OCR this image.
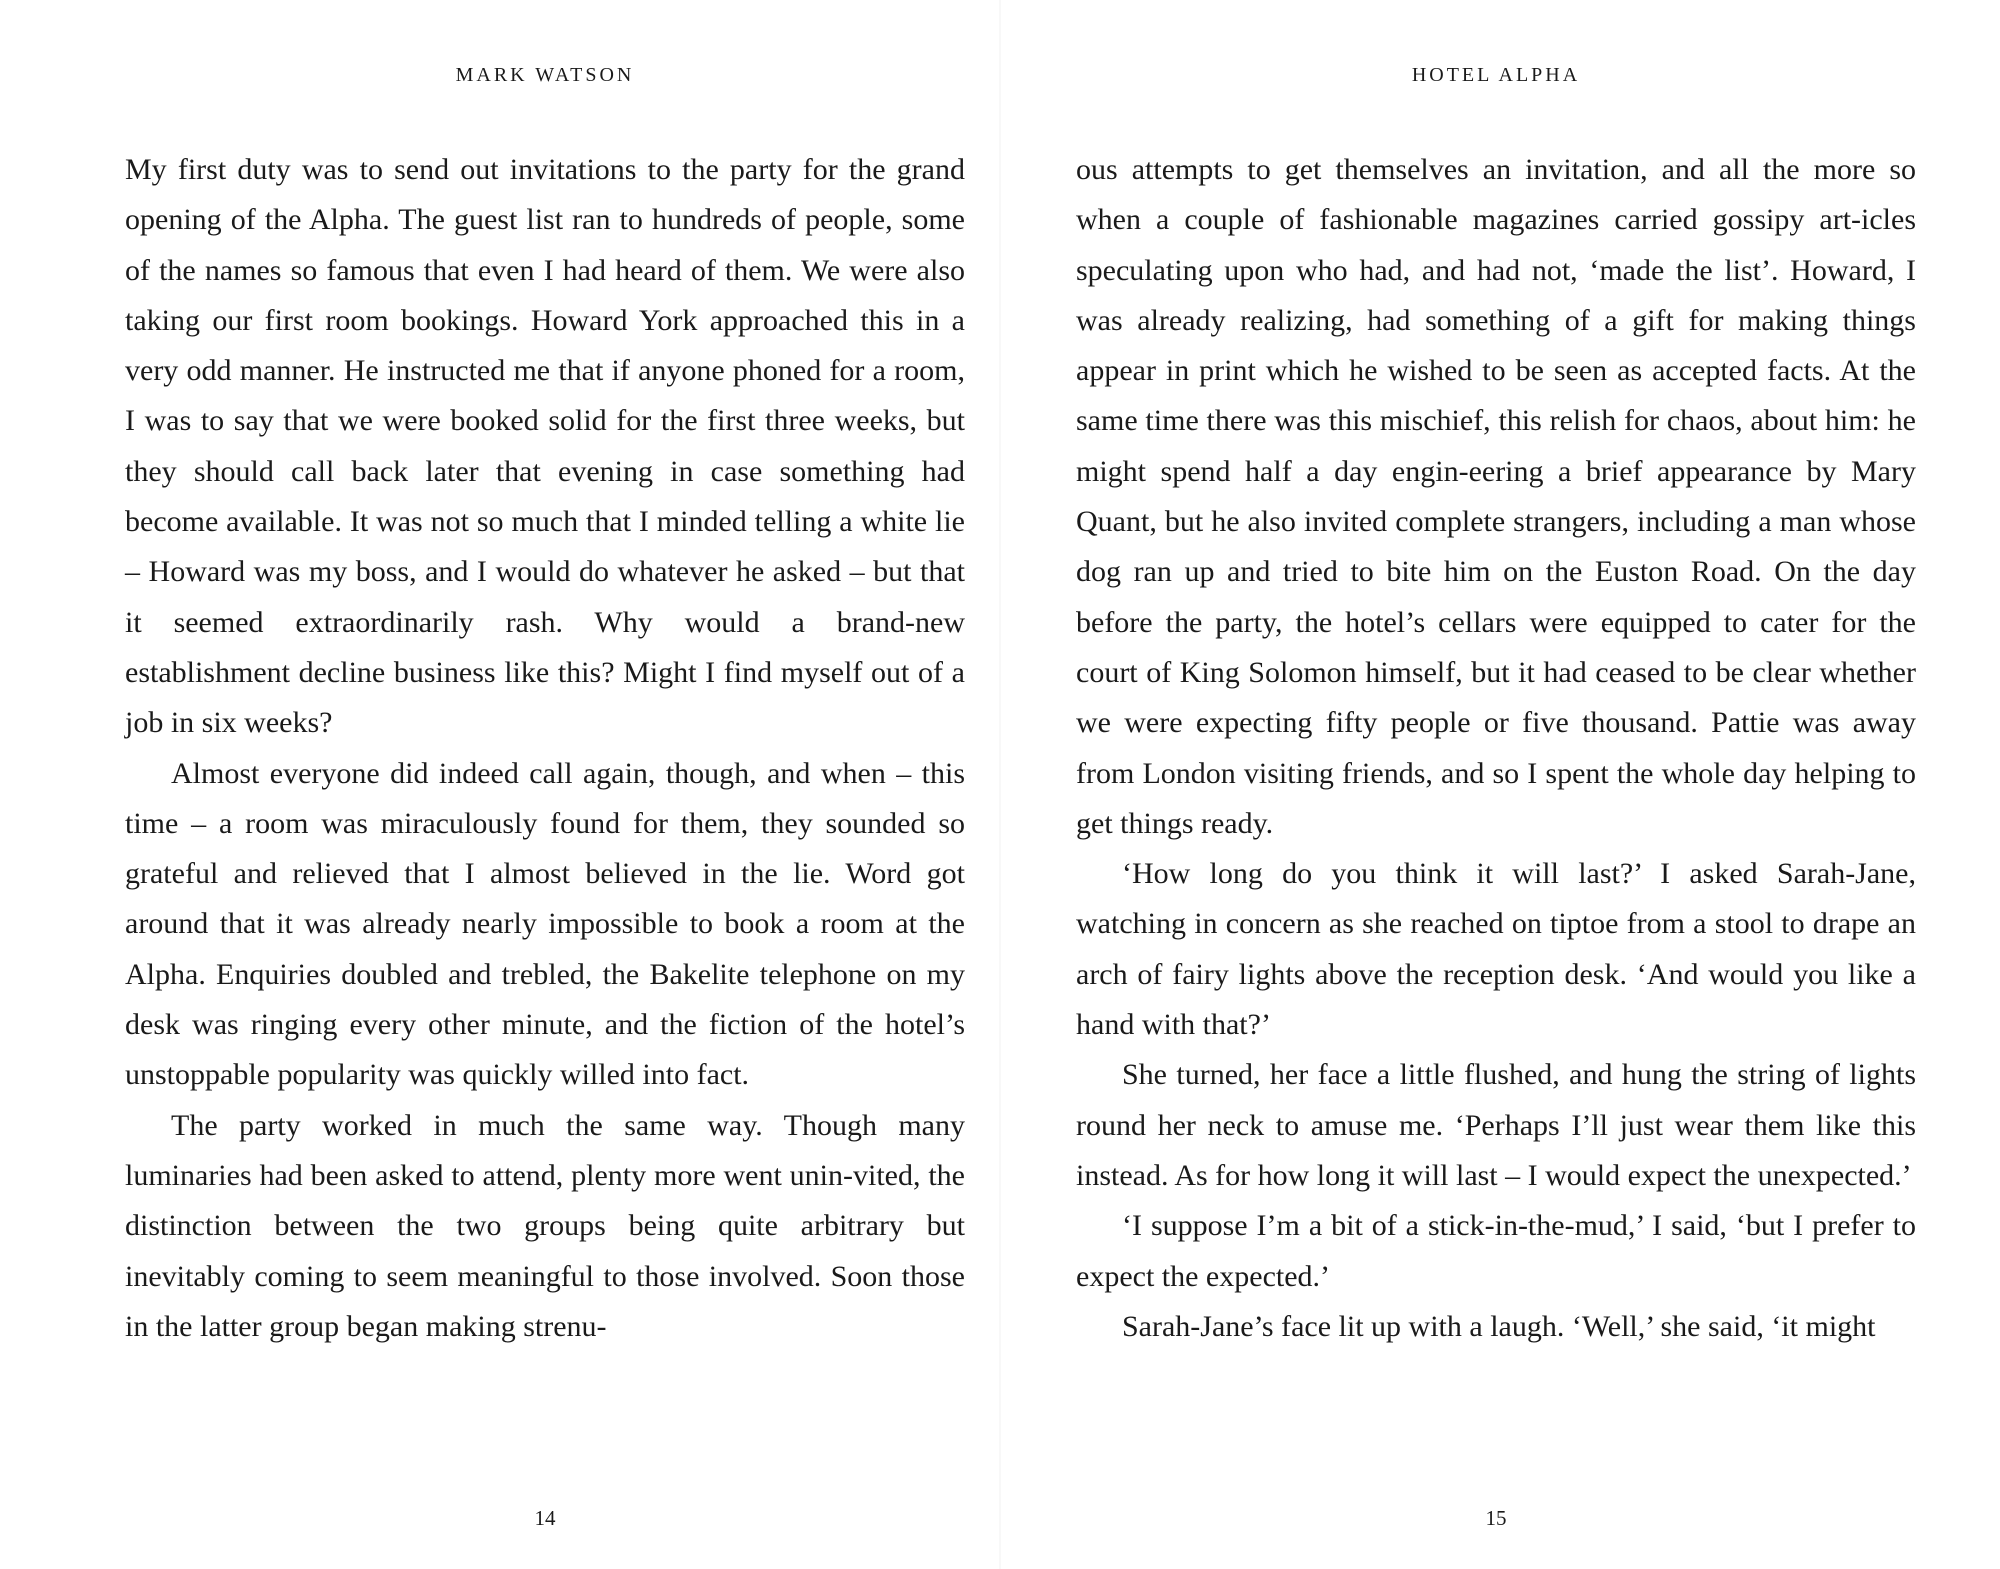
MARK WATSON

My first duty was to send out invitations to the party for the grand opening of the Alpha. The guest list ran to hundreds of people, some of the names so famous that even I had heard of them. We were also taking our first room bookings. Howard York approached this in a very odd manner. He instructed me that if anyone phoned for a room, I was to say that we were booked solid for the first three weeks, but they should call back later that evening in case something had become available. It was not so much that I minded telling a white lie – Howard was my boss, and I would do whatever he asked – but that it seemed extraordinarily rash. Why would a brand-new establishment decline business like this? Might I find myself out of a job in six weeks?

Almost everyone did indeed call again, though, and when – this time – a room was miraculously found for them, they sounded so grateful and relieved that I almost believed in the lie. Word got around that it was already nearly impossible to book a room at the Alpha. Enquiries doubled and trebled, the Bakelite telephone on my desk was ringing every other minute, and the fiction of the hotel’s unstoppable popularity was quickly willed into fact.

The party worked in much the same way. Though many luminaries had been asked to attend, plenty more went unin-vited, the distinction between the two groups being quite arbitrary but inevitably coming to seem meaningful to those involved. Soon those in the latter group began making strenu-

14
HOTEL ALPHA

ous attempts to get themselves an invitation, and all the more so when a couple of fashionable magazines carried gossipy art-icles speculating upon who had, and had not, ‘made the list’. Howard, I was already realizing, had something of a gift for making things appear in print which he wished to be seen as accepted facts. At the same time there was this mischief, this relish for chaos, about him: he might spend half a day engin-eering a brief appearance by Mary Quant, but he also invited complete strangers, including a man whose dog ran up and tried to bite him on the Euston Road. On the day before the party, the hotel’s cellars were equipped to cater for the court of King Solomon himself, but it had ceased to be clear whether we were expecting fifty people or five thousand. Pattie was away from London visiting friends, and so I spent the whole day helping to get things ready.

‘How long do you think it will last?’ I asked Sarah-Jane, watching in concern as she reached on tiptoe from a stool to drape an arch of fairy lights above the reception desk. ‘And would you like a hand with that?’

She turned, her face a little flushed, and hung the string of lights round her neck to amuse me. ‘Perhaps I’ll just wear them like this instead. As for how long it will last – I would expect the unexpected.’

‘I suppose I’m a bit of a stick-in-the-mud,’ I said, ‘but I prefer to expect the expected.’

Sarah-Jane’s face lit up with a laugh. ‘Well,’ she said, ‘it might

15
